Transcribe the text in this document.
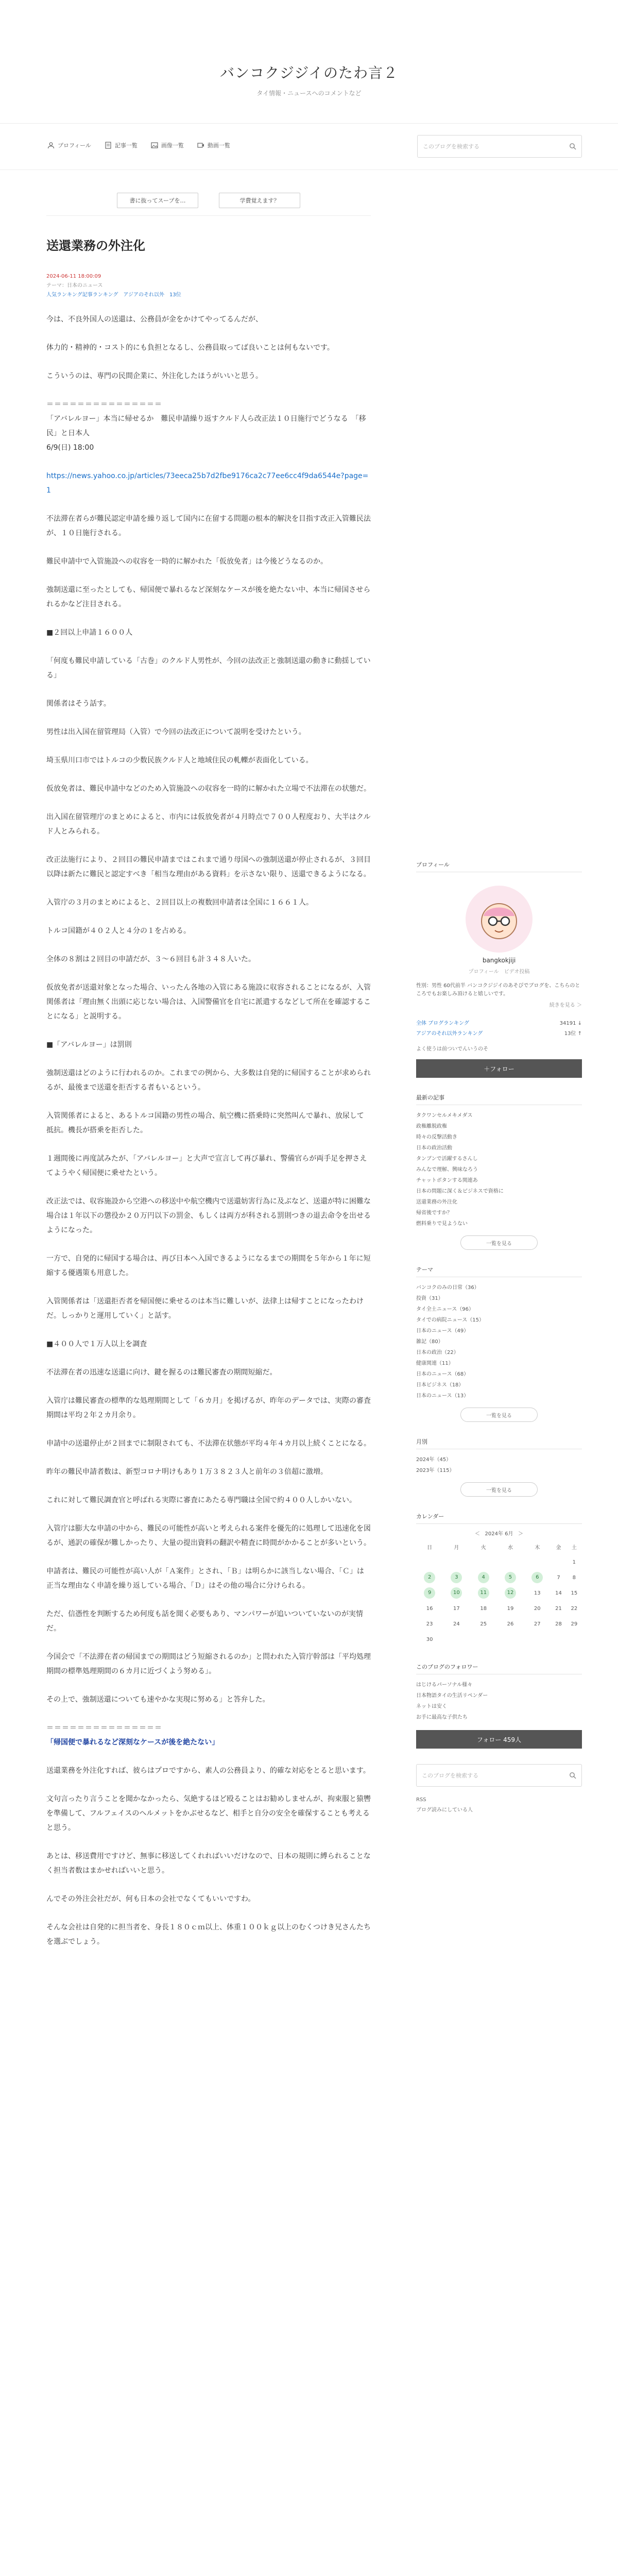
バンコクジジイのたわ言２
タイ情報・ニュースへのコメントなど
プロフィール	記事一覧	画像一覧	動画一覧	このブログを検索する
書に抜ってスープを…	学費覚えます？
送還業務の外注化
2024-06-11 18:00:09
テーマ：日本のニュース
人気ランキング記事ランキング　アジアのそれ以外　13位

今は、不良外国人の送還は、公務員が金をかけてやってるんだが、

体力的・精神的・コスト的にも負担となるし、公務員取ってば良いことは何もないです。

こういうのは、専門の民間企業に、外注化したほうがいいと思う。

＝＝＝＝＝＝＝＝＝＝＝＝＝＝＝

「アバレルヨー」本当に帰せるか　難民申請繰り返すクルド人ら改正法１０日施行でどうなる　「移民」と日本人
6/9(日) 18:00

https://news.yahoo.co.jp/articles/73eeca25b7d2fbe9176ca2c77ee6cc4f9da6544e?page=1

不法滞在者らが難民認定申請を繰り返して国内に在留する問題の根本的解決を目指す改正入管難民法が、１０日施行される。

難民申請中で入管施設への収容を一時的に解かれた「仮放免者」は今後どうなるのか。

強制送還に至ったとしても、帰国便で暴れるなど深刻なケースが後を絶たない中、本当に帰国させられるかなど注目される。

■２回以上申請１６００人

「何度も難民申請している「古巻」のクルド人男性が、今回の法改正と強制送還の動きに動揺している」

関係者はそう話す。

男性は出入国在留管理局（入管）で今回の法改正について説明を受けたという。

埼玉県川口市ではトルコの少数民族クルド人と地域住民の軋轢が表面化している。

仮放免者は、難民申請中などのため入管施設への収容を一時的に解かれた立場で不法滞在の状態だ。

出入国在留管理庁のまとめによると、市内には仮放免者が４月時点で７００人程度おり、大半はクルド人とみられる。

改正法施行により、２回目の難民申請まではこれまで通り母国への強制送還が停止されるが、３回目以降は新たに難民と認定すべき「相当な理由がある資料」を示さない限り、送還できるようになる。

入管庁の３月のまとめによると、２回目以上の複数回申請者は全国に１６６１人。

トルコ国籍が４０２人と４分の１を占める。

全体の８割は２回目の申請だが、３～６回目も計３４８人いた。

仮放免者が送還対象となった場合、いったん各地の入管にある施設に収容されることになるが、入管関係者は「理由無く出頭に応じない場合は、入国警備官を自宅に派遣するなどして所在を確認することになる」と説明する。

■「アバレルヨー」は罰則

強制送還はどのように行われるのか。これまでの例から、大多数は自発的に帰国することが求められるが、最後まで送還を拒否する者もいるという。

入管関係者によると、あるトルコ国籍の男性の場合、航空機に搭乗時に突然叫んで暴れ、放尿して抵抗。機長が搭乗を拒否した。

１週間後に再度試みたが、「アバレルヨー」と大声で宣言して再び暴れ、警備官らが両手足を押さえてようやく帰国便に乗せたという。

改正法では、収容施設から空港への移送中や航空機内で送還妨害行為に及ぶなど、送還が特に困難な場合は１年以下の懲役か２０万円以下の罰金、もしくは両方が科される罰則つきの退去命令を出せるようになった。

一方で、自発的に帰国する場合は、再び日本へ入国できるようになるまでの期間を５年から１年に短縮する優遇策も用意した。

入管関係者は「送還拒否者を帰国便に乗せるのは本当に難しいが、法律上は帰すことになったわけだ。しっかりと運用していく」と話す。

■４００人で１万人以上を調査

不法滞在者の迅速な送還に向け、鍵を握るのは難民審査の期間短縮だ。

入管庁は難民審査の標準的な処理期間として「６カ月」を掲げるが、昨年のデータでは、実際の審査期間は平均２年２カ月余り。

申請中の送還停止が２回までに制限されても、不法滞在状態が平均４年４カ月以上続くことになる。

昨年の難民申請者数は、新型コロナ明けもあり１万３８２３人と前年の３倍超に激増。

これに対して難民調査官と呼ばれる実際に審査にあたる専門職は全国で約４００人しかいない。

入管庁は膨大な申請の中から、難民の可能性が高いと考えられる案件を優先的に処理して迅速化を図るが、通訳の確保が難しかったり、大量の提出資料の翻訳や精査に時間がかかることが多いという。

申請者は、難民の可能性が高い人が「Ａ案件」とされ、「Ｂ」は明らかに該当しない場合、「Ｃ」は正当な理由なく申請を繰り返している場合、「Ｄ」はその他の場合に分けられる。

ただ、信憑性を判断するため何度も話を聞く必要もあり、マンパワーが追いついていないのが実情だ。

今国会で「不法滞在者の帰国までの期間はどう短縮されるのか」と問われた入管庁幹部は「平均処理期間の標準処理期間の６カ月に近づくよう努める」。

その上で、強制送還についても速やかな実現に努める」と答弁した。

＝＝＝＝＝＝＝＝＝＝＝＝＝＝＝

「帰国便で暴れるなど深刻なケースが後を絶たない」

送還業務を外注化すれば、彼らはプロですから、素人の公務員より、的確な対応をとると思います。

文句言ったり言うことを聞かなかったら、気絶するほど殴ることはお勧めしませんが、拘束服と猿轡を準備して、フルフェイスのヘルメットをかぶせるなど、相手と自分の安全を確保することも考えると思う。

あとは、移送費用ですけど、無事に移送してくれればいいだけなので、日本の規則に縛られることなく担当者数はまかせればいいと思う。

んでその外注会社だが、何も日本の会社でなくてもいいですわ。

そんな会社は自発的に担当者を、身長１８０ｃｍ以上、体重１００ｋｇ以上のむくつけき兄さんたちを選ぶでしょう。

プロフィール
bangkokjiji
プロフィール　ビデオ投稿
性別：男性 60代前半 バンコクジジイのあそびでブログを、こちらのところでもお楽しみ頂けると嬉しいです。
続きを見る ＞
全体 ブログランキング	34191 ↓
アジアのそれ以外ランキング	13位 ↑
よく使うは前ついでんいうのそ
＋フォロー
最新の記事
タクワンセルメキメダス
政権離脱政権
時々の反撃活動き
日本の政治活動
タンブンで活躍するさんし
みんなで理解、興味なろう
チャットボタンする関連あ
日本の問題に深く＆ビジネスで資格に
送還業務の外注化
帰省後ですか？
燃料乗りで見ようない
一覧を見る
テーマ
バンコクのみの日常（36）
投資（31）
タイ全土ニュース（96）
タイでの病院ニュース（15）
日本のニュース（49）
雑記（80）
日本の政治（22）
健康関連（11）
日本のニュース（68）
日本ビジネス（18）
日本のニュース（13）
一覧を見る
月別
2024年（45）
2023年（115）
一覧を見る
カレンダー
＜ 2024年 6月 ＞
日	月	火	水	木	金	土
						1
2	3	4	5	6	7	8
9	10	11	12	13	14	15
16	17	18	19	20	21	22
23	24	25	26	27	28	29
30						
このブログのフォロワー
はじけるパーソナル様々
日本物語タイの生活リペンダー
ネットは安く
お手に最高な子供たち
フォロー
459人
このブログを検索する
RSS
ブログ読みにしている人
